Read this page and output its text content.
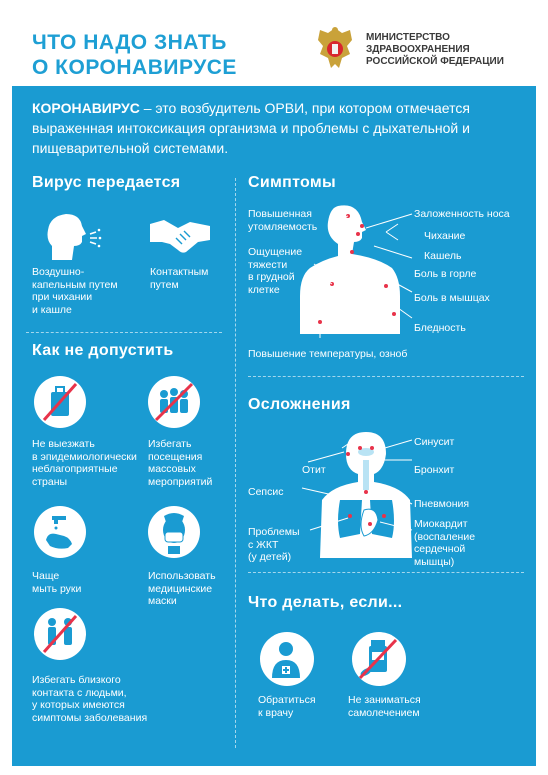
ЧТО НАДО ЗНАТЬ
О КОРОНАВИРУСЕ
МИНИСТЕРСТВО
ЗДРАВООХРАНЕНИЯ
РОССИЙСКОЙ ФЕДЕРАЦИИ
КОРОНАВИРУС – это возбудитель ОРВИ, при котором отмечается выраженная интоксикация организма и проблемы с дыхательной и пищеварительной системами.
Вирус передается
Воздушно-
капельным путем
при чихании
и кашле
Контактным
путем
Как не допустить
Не выезжать
в эпидемиологически
неблагоприятные
страны
Избегать
посещения
массовых
мероприятий
Чаще
мыть руки
Использовать
медицинские
маски
Избегать близкого
контакта с людьми,
у которых имеются
симптомы заболевания
Симптомы
Повышенная
утомляемость
Ощущение
тяжести
в грудной
клетке
Повышение температуры, озноб
Заложенность носа
Чихание
Кашель
Боль в горле
Боль в мышцах
Бледность
Осложнения
Отит
Сепсис
Проблемы
с ЖКТ
(у детей)
Синусит
Бронхит
Пневмония
Миокардит
(воспаление
сердечной
мышцы)
Что делать, если...
Обратиться
к врачу
Не заниматься
самолечением
